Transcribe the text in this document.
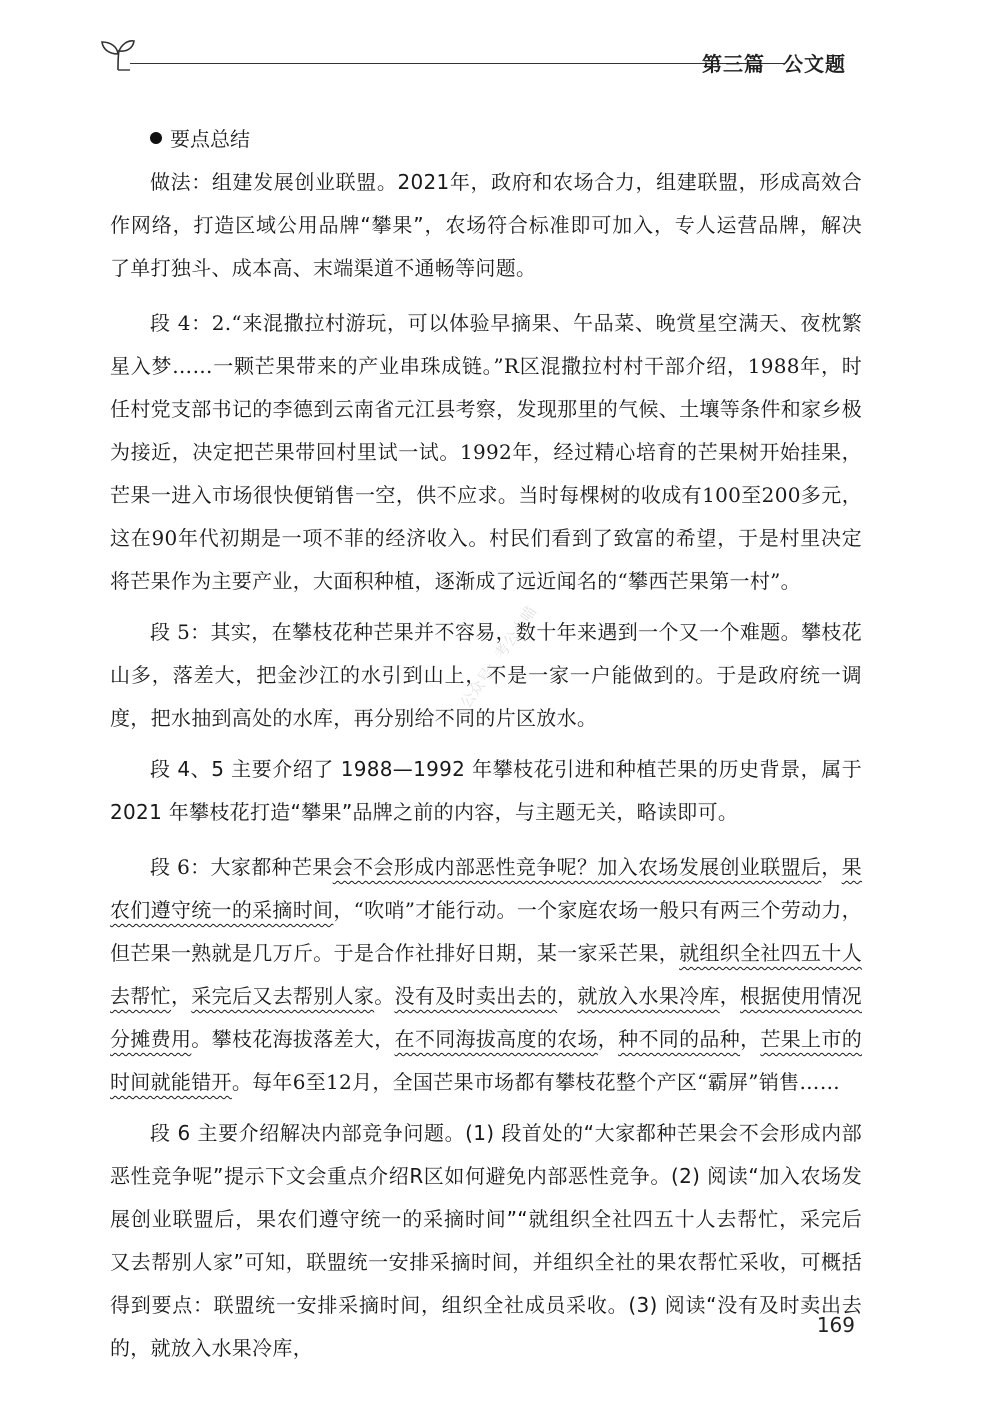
第三篇 公文题

要点总结

做法：组建发展创业联盟。2021年，政府和农场合力，组建联盟，形成高效合作网络，打造区域公用品牌“攀果”，农场符合标准即可加入，专人运营品牌，解决了单打独斗、成本高、末端渠道不通畅等问题。

段 4：2.“来混撒拉村游玩，可以体验早摘果、午品菜、晚赏星空满天、夜枕繁星入梦……一颗芒果带来的产业串珠成链。”R区混撒拉村村干部介绍，1988年，时任村党支部书记的李德到云南省元江县考察，发现那里的气候、土壤等条件和家乡极为接近，决定把芒果带回村里试一试。1992年，经过精心培育的芒果树开始挂果，芒果一进入市场很快便销售一空，供不应求。当时每棵树的收成有100至200多元，这在90年代初期是一项不菲的经济收入。村民们看到了致富的希望，于是村里决定将芒果作为主要产业，大面积种植，逐渐成了远近闻名的“攀西芒果第一村”。

段 5：其实，在攀枝花种芒果并不容易，数十年来遇到一个又一个难题。攀枝花山多，落差大，把金沙江的水引到山上，不是一家一户能做到的。于是政府统一调度，把水抽到高处的水库，再分别给不同的片区放水。

段 4、5 主要介绍了 1988—1992 年攀枝花引进和种植芒果的历史背景，属于 2021 年攀枝花打造“攀果”品牌之前的内容，与主题无关，略读即可。

段 6：大家都种芒果会不会形成内部恶性竞争呢？加入农场发展创业联盟后，果农们遵守统一的采摘时间，“吹哨”才能行动。一个家庭农场一般只有两三个劳动力，但芒果一熟就是几万斤。于是合作社排好日期，某一家采芒果，就组织全社四五十人去帮忙，采完后又去帮别人家。没有及时卖出去的，就放入水果冷库，根据使用情况分摊费用。攀枝花海拔落差大，在不同海拔高度的农场，种不同的品种，芒果上市的时间就能错开。每年6至12月，全国芒果市场都有攀枝花整个产区“霸屏”销售……

段 6 主要介绍解决内部竞争问题。(1) 段首处的“大家都种芒果会不会形成内部恶性竞争呢”提示下文会重点介绍R区如何避免内部恶性竞争。(2) 阅读“加入农场发展创业联盟后，果农们遵守统一的采摘时间”“就组织全社四五十人去帮忙，采完后又去帮别人家”可知，联盟统一安排采摘时间，并组织全社的果农帮忙采收，可概括得到要点：联盟统一安排采摘时间，组织全社成员采收。(3) 阅读“没有及时卖出去的，就放入水果冷库，

公众号：考公小喵
169
